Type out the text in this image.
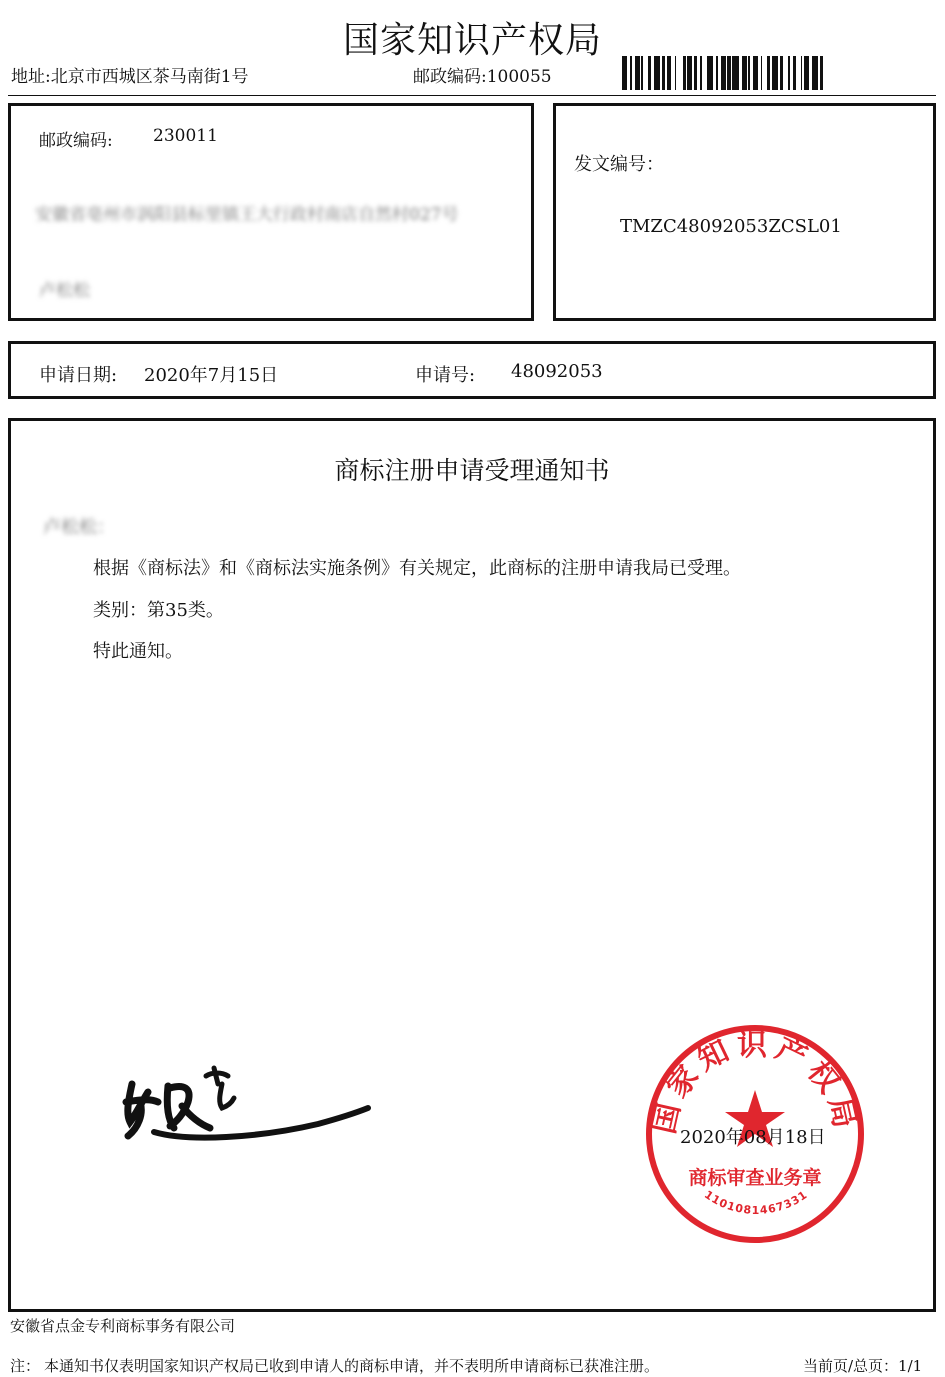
国家知识产权局
地址:北京市西城区茶马南街1号	邮政编码:100055
邮政编码: 230011
安徽省亳州市涡阳县标里镇王大行政村南店自然村027号
卢松松
发文编号：
TMZC48092053ZCSL01
申请日期: 2020年7月15日	申请号: 48092053
商标注册申请受理通知书
卢松松：
根据《商标法》和《商标法实施条例》有关规定，此商标的注册申请我局已受理。
类别：第35类。
特此通知。
国家知识产权局
商标审查业务章
1101081467331
2020年08月18日
安徽省点金专利商标事务有限公司
注： 本通知书仅表明国家知识产权局已收到申请人的商标申请，并不表明所申请商标已获准注册。	当前页/总页：1/1
